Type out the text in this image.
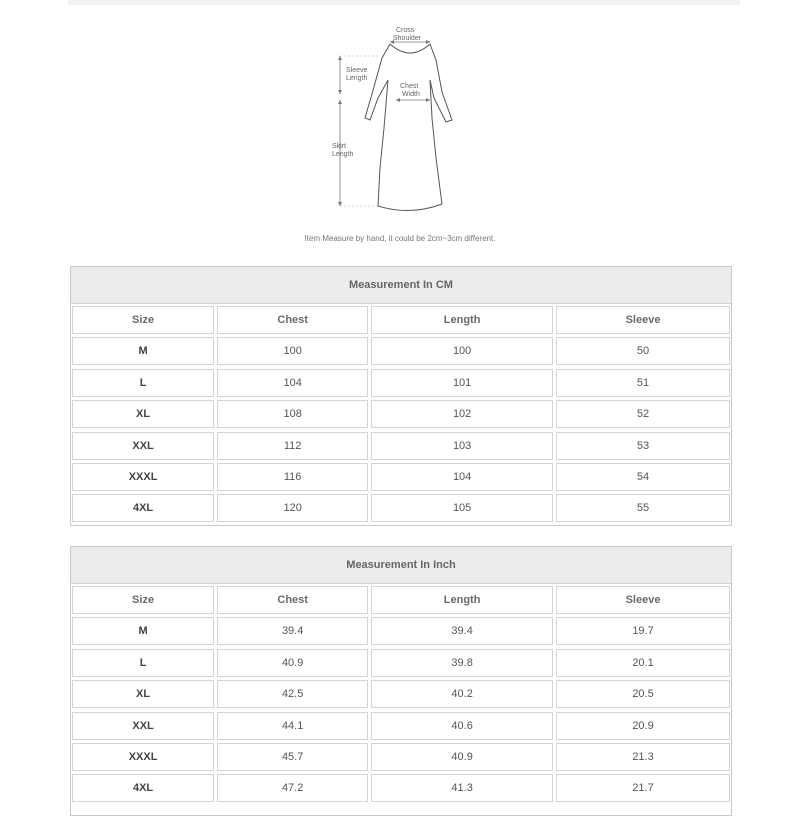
Cross
Shoulder
Sleeve
Length
Chest
Width
Skirt
Length
Item Measure by hand, it could be 2cm~3cm different.
Measurement In CM
Size	Chest	Length	Sleeve
M	100	100	50
L	104	101	51
XL	108	102	52
XXL	112	103	53
XXXL	116	104	54
4XL	120	105	55
Measurement In Inch
Size	Chest	Length	Sleeve
M	39.4	39.4	19.7
L	40.9	39.8	20.1
XL	42.5	40.2	20.5
XXL	44.1	40.6	20.9
XXXL	45.7	40.9	21.3
4XL	47.2	41.3	21.7
